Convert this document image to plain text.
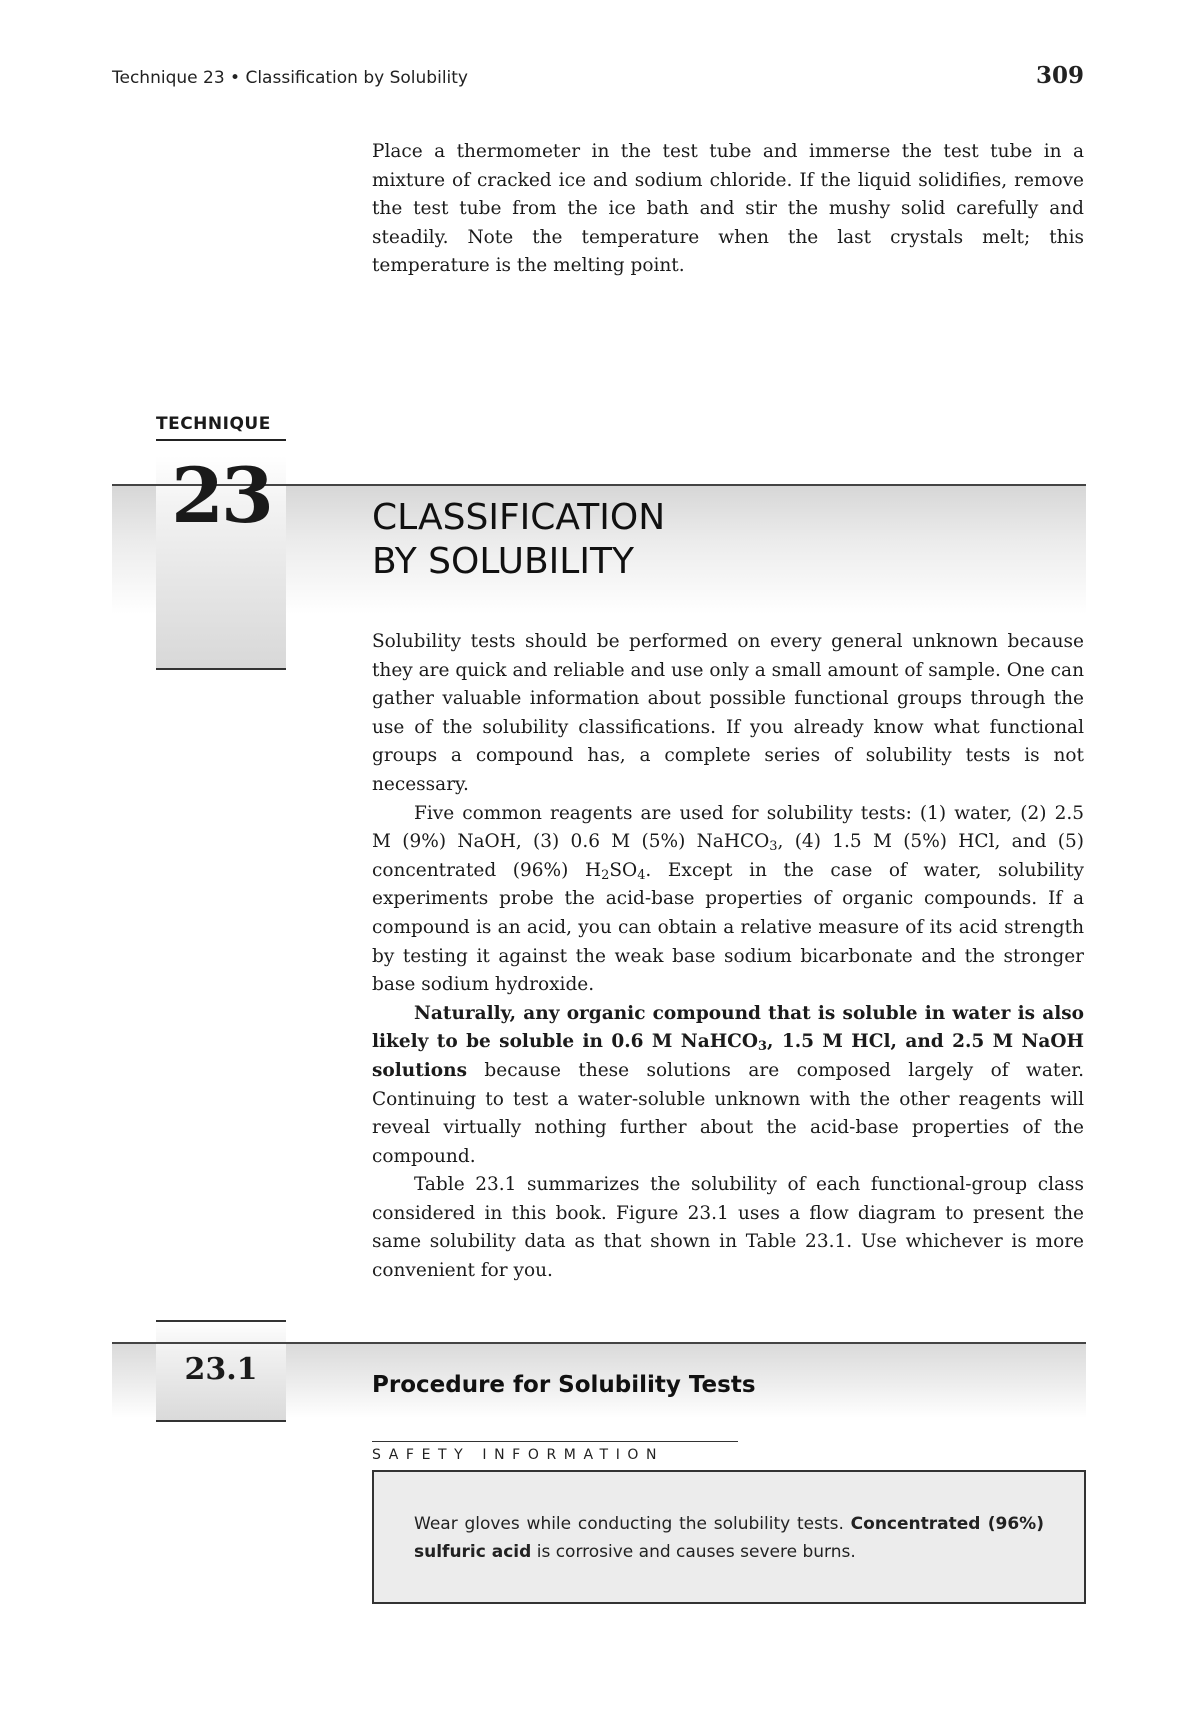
Technique 23 • Classification by Solubility	309

Place a thermometer in the test tube and immerse the test tube in a mixture of cracked ice and sodium chloride. If the liquid solidifies, remove the test tube from the ice bath and stir the mushy solid carefully and steadily. Note the temperature when the last crystals melt; this temperature is the melting point.

TECHNIQUE
23	CLASSIFICATION
BY SOLUBILITY

Solubility tests should be performed on every general unknown because they are quick and reliable and use only a small amount of sample. One can gather valuable information about possible functional groups through the use of the solubility classifications. If you already know what functional groups a compound has, a complete series of solubility tests is not necessary.

Five common reagents are used for solubility tests: (1) water, (2) 2.5 M (9%) NaOH, (3) 0.6 M (5%) NaHCO$_3$, (4) 1.5 M (5%) HCl, and (5) concentrated (96%) $H_2SO_4$. Except in the case of water, solubility experiments probe the acid-base properties of organic compounds. If a compound is an acid, you can obtain a relative measure of its acid strength by testing it against the weak base sodium bicarbonate and the stronger base sodium hydroxide.

Naturally, any organic compound that is soluble in water is also likely to be soluble in 0.6 M NaHCO$_3$, 1.5 M HCl, and 2.5 M NaOH solutions because these solutions are composed largely of water. Continuing to test a water-soluble unknown with the other reagents will reveal virtually nothing further about the acid-base properties of the compound.

Table 23.1 summarizes the solubility of each functional-group class considered in this book. Figure 23.1 uses a flow diagram to present the same solubility data as that shown in Table 23.1. Use whichever is more convenient for you.

23.1	Procedure for Solubility Tests
SAFETY INFORMATION
Wear gloves while conducting the solubility tests. Concentrated (96%) sulfuric acid is corrosive and causes severe burns.
